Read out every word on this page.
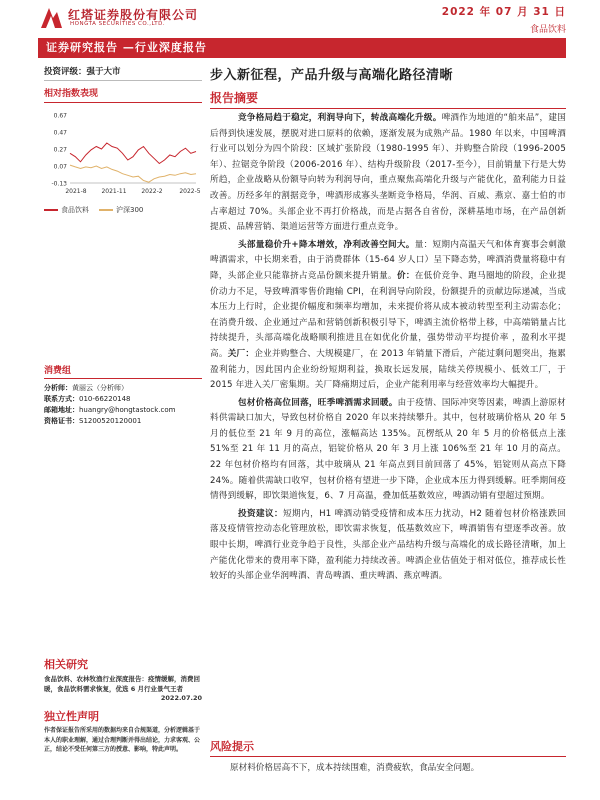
红塔证券股份有限公司
HONGTA SECURITIES CO.,LTD.
2022 年 07 月 31 日
食品饮料
证券研究报告 —行业深度报告
投资评级：强于大市
相对指数表现
0.67
0.47
0.27
0.07
-0.13
2021-8 2021-11 2022-2	2022-5
食品饮料	沪深300
消费组
分析师：黄丽云（分析师）
联系方式：010-66220148
邮箱地址：huangry@hongtastock.com
资格证书：S1200520120001
相关研究
食品饮料、农林牧渔行业深度报告：疫情缓解，消费回暖，食品饮料需求恢复，优选 6 月行业景气王者
2022.07.20
独立性声明
作者保证报告所采用的数据均来自合规渠道，分析逻辑基于本人的职业理解，通过合理判断并得出结论，力求客观、公正，结论不受任何第三方的授意、影响，特此声明。
步入新征程，产品升级与高端化路径清晰
报告摘要

竞争格局趋于稳定，利润导向下，转战高端化升级。啤酒作为地道的“舶来品”，建国后得到快速发展，摆脱对进口原料的依赖，逐渐发展为成熟产品。1980 年以来，中国啤酒行业可以划分为四个阶段：区域扩张阶段（1980-1995 年）、并购整合阶段（1996-2005 年）、拉锯竞争阶段（2006-2016 年）、结构升级阶段（2017-至今），目前销量下行是大势所趋，企业战略从份额导向转为利润导向，重点聚焦高端化升级与产能优化，盈利能力日益改善。历经多年的割据竞争，啤酒形成寡头垄断竞争格局，华润、百威、燕京、嘉士伯的市占率超过 70%。头部企业不再打价格战，而是占据各自省份，深耕基地市场，在产品创新提质、品牌营销、渠道运营等方面进行重点竞争。

头部量稳价升+降本增效，净利改善空间大。量：短期内高温天气和体育赛事会刺激啤酒需求，中长期来看，由于消费群体（15-64 岁人口）呈下降态势，啤酒消费量将稳中有降，头部企业只能靠挤占竞品份额来提升销量。价：在低价竞争、跑马圈地的阶段，企业提价动力不足，导致啤酒零售价跑输 CPI，在利润导向阶段，份额提升的贡献边际递减，当成本压力上行时，企业提价幅度和频率均增加，未来提价将从成本被动转型至利主动需态化；在消费升级、企业通过产品和营销创新积极引导下，啤酒主流价格带上移，中高端销量占比持续提升，头部高端化战略顺利推进且在如优化价量，强势带动平均提价率 ，盈利水平提高。关厂：企业并购整合、大规模建厂，在 2013 年销量下滑后，产能过剩问题突出，拖累盈利能力，因此国内企业纷纷短期利益，换取长远发展，陆续关停规模小、低效工厂，于 2015 年进入关厂密集期。关厂降痛期过后，企业产能利用率与经营效率均大幅提升。

包材价格高位回落，旺季啤酒需求回暖。由于疫情、国际冲突等因素，啤酒上游原材料供需缺口加大，导致包材价格自 2020 年以来持续攀升。其中，包材玻璃价格从 20 年 5 月的低位至 21 年 9 月的高位，涨幅高达 135%。瓦楞纸从 20 年 5 月的价格低点上涨 51%至 21 年 11 月的高点，铝锭价格从 20 年 3 月上涨 106%至 21 年 10 月的高点。22 年包材价格均有回落，其中玻璃从 21 年高点到目前回落了 45%，铝锭则从高点下降 24%。随着供需缺口收窄，包材价格有望进一步下降，企业成本压力得到缓解。旺季期间疫情得到缓解，即饮渠道恢复，6、7 月高温，叠加低基数效应，啤酒动销有望超过预期。

投资建议：短期内，H1 啤酒动销受疫情和成本压力扰动，H2 随着包材价格涨跌回落及疫情管控动态化管理放松，即饮需求恢复，低基数效应下，啤酒销售有望逐季改善。放眼中长期，啤酒行业竞争趋于良性，头部企业产品结构升级与高端化的成长路径清晰，加上产能优化带来的费用率下降，盈利能力持续改善。啤酒企业估值处于相对低位，推荐成长性较好的头部企业华润啤酒、青岛啤酒、重庆啤酒、燕京啤酒。

风险提示
原材料价格居高不下，成本持续围难，消费疲软，食品安全问题。
